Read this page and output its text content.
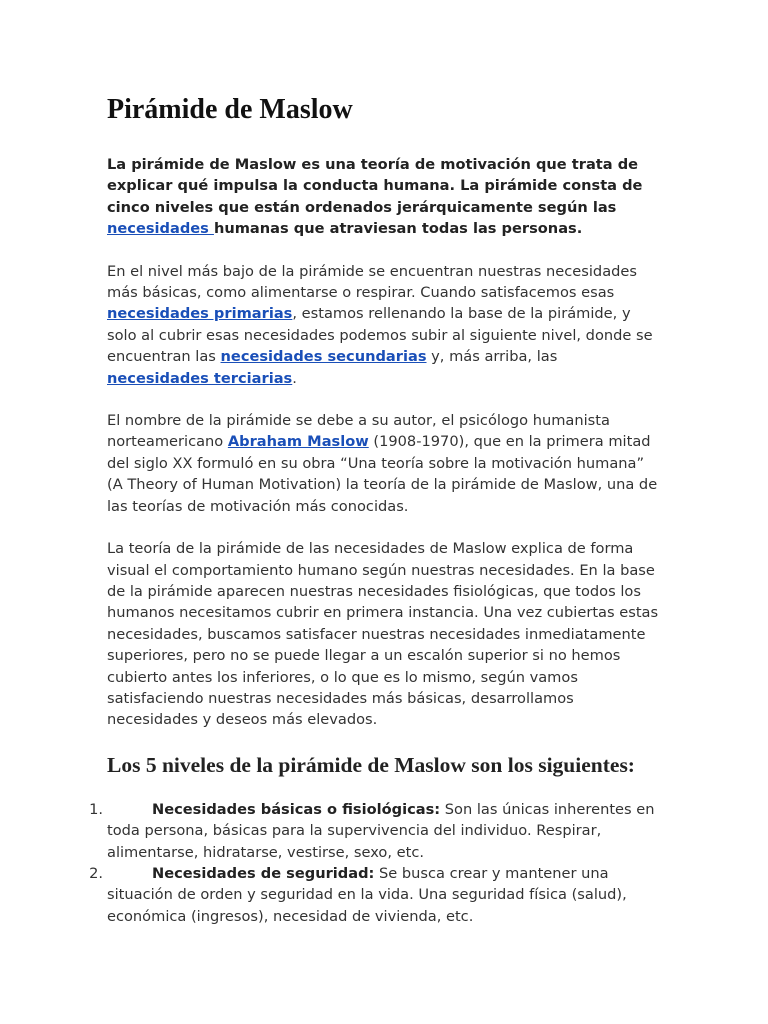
Pirámide de Maslow

La pirámide de Maslow es una teoría de motivación que trata de explicar qué impulsa la conducta humana. La pirámide consta de cinco niveles que están ordenados jerárquicamente según las necesidades humanas que atraviesan todas las personas.

En el nivel más bajo de la pirámide se encuentran nuestras necesidades más básicas, como alimentarse o respirar. Cuando satisfacemos esas necesidades primarias, estamos rellenando la base de la pirámide, y solo al cubrir esas necesidades podemos subir al siguiente nivel, donde se encuentran las necesidades secundarias y, más arriba, las necesidades terciarias.

El nombre de la pirámide se debe a su autor, el psicólogo humanista norteamericano Abraham Maslow (1908-1970), que en la primera mitad del siglo XX formuló en su obra “Una teoría sobre la motivación humana” (A Theory of Human Motivation) la teoría de la pirámide de Maslow, una de las teorías de motivación más conocidas.

La teoría de la pirámide de las necesidades de Maslow explica de forma visual el comportamiento humano según nuestras necesidades. En la base de la pirámide aparecen nuestras necesidades fisiológicas, que todos los humanos necesitamos cubrir en primera instancia. Una vez cubiertas estas necesidades, buscamos satisfacer nuestras necesidades inmediatamente superiores, pero no se puede llegar a un escalón superior si no hemos cubierto antes los inferiores, o lo que es lo mismo, según vamos satisfaciendo nuestras necesidades más básicas, desarrollamos necesidades y deseos más elevados.

Los 5 niveles de la pirámide de Maslow son los siguientes:
1.	Necesidades básicas o fisiológicas: Son las únicas inherentes en toda persona, básicas para la supervivencia del individuo. Respirar, alimentarse, hidratarse, vestirse, sexo, etc.
2.	Necesidades de seguridad: Se busca crear y mantener una situación de orden y seguridad en la vida. Una seguridad física (salud), económica (ingresos), necesidad de vivienda, etc.
